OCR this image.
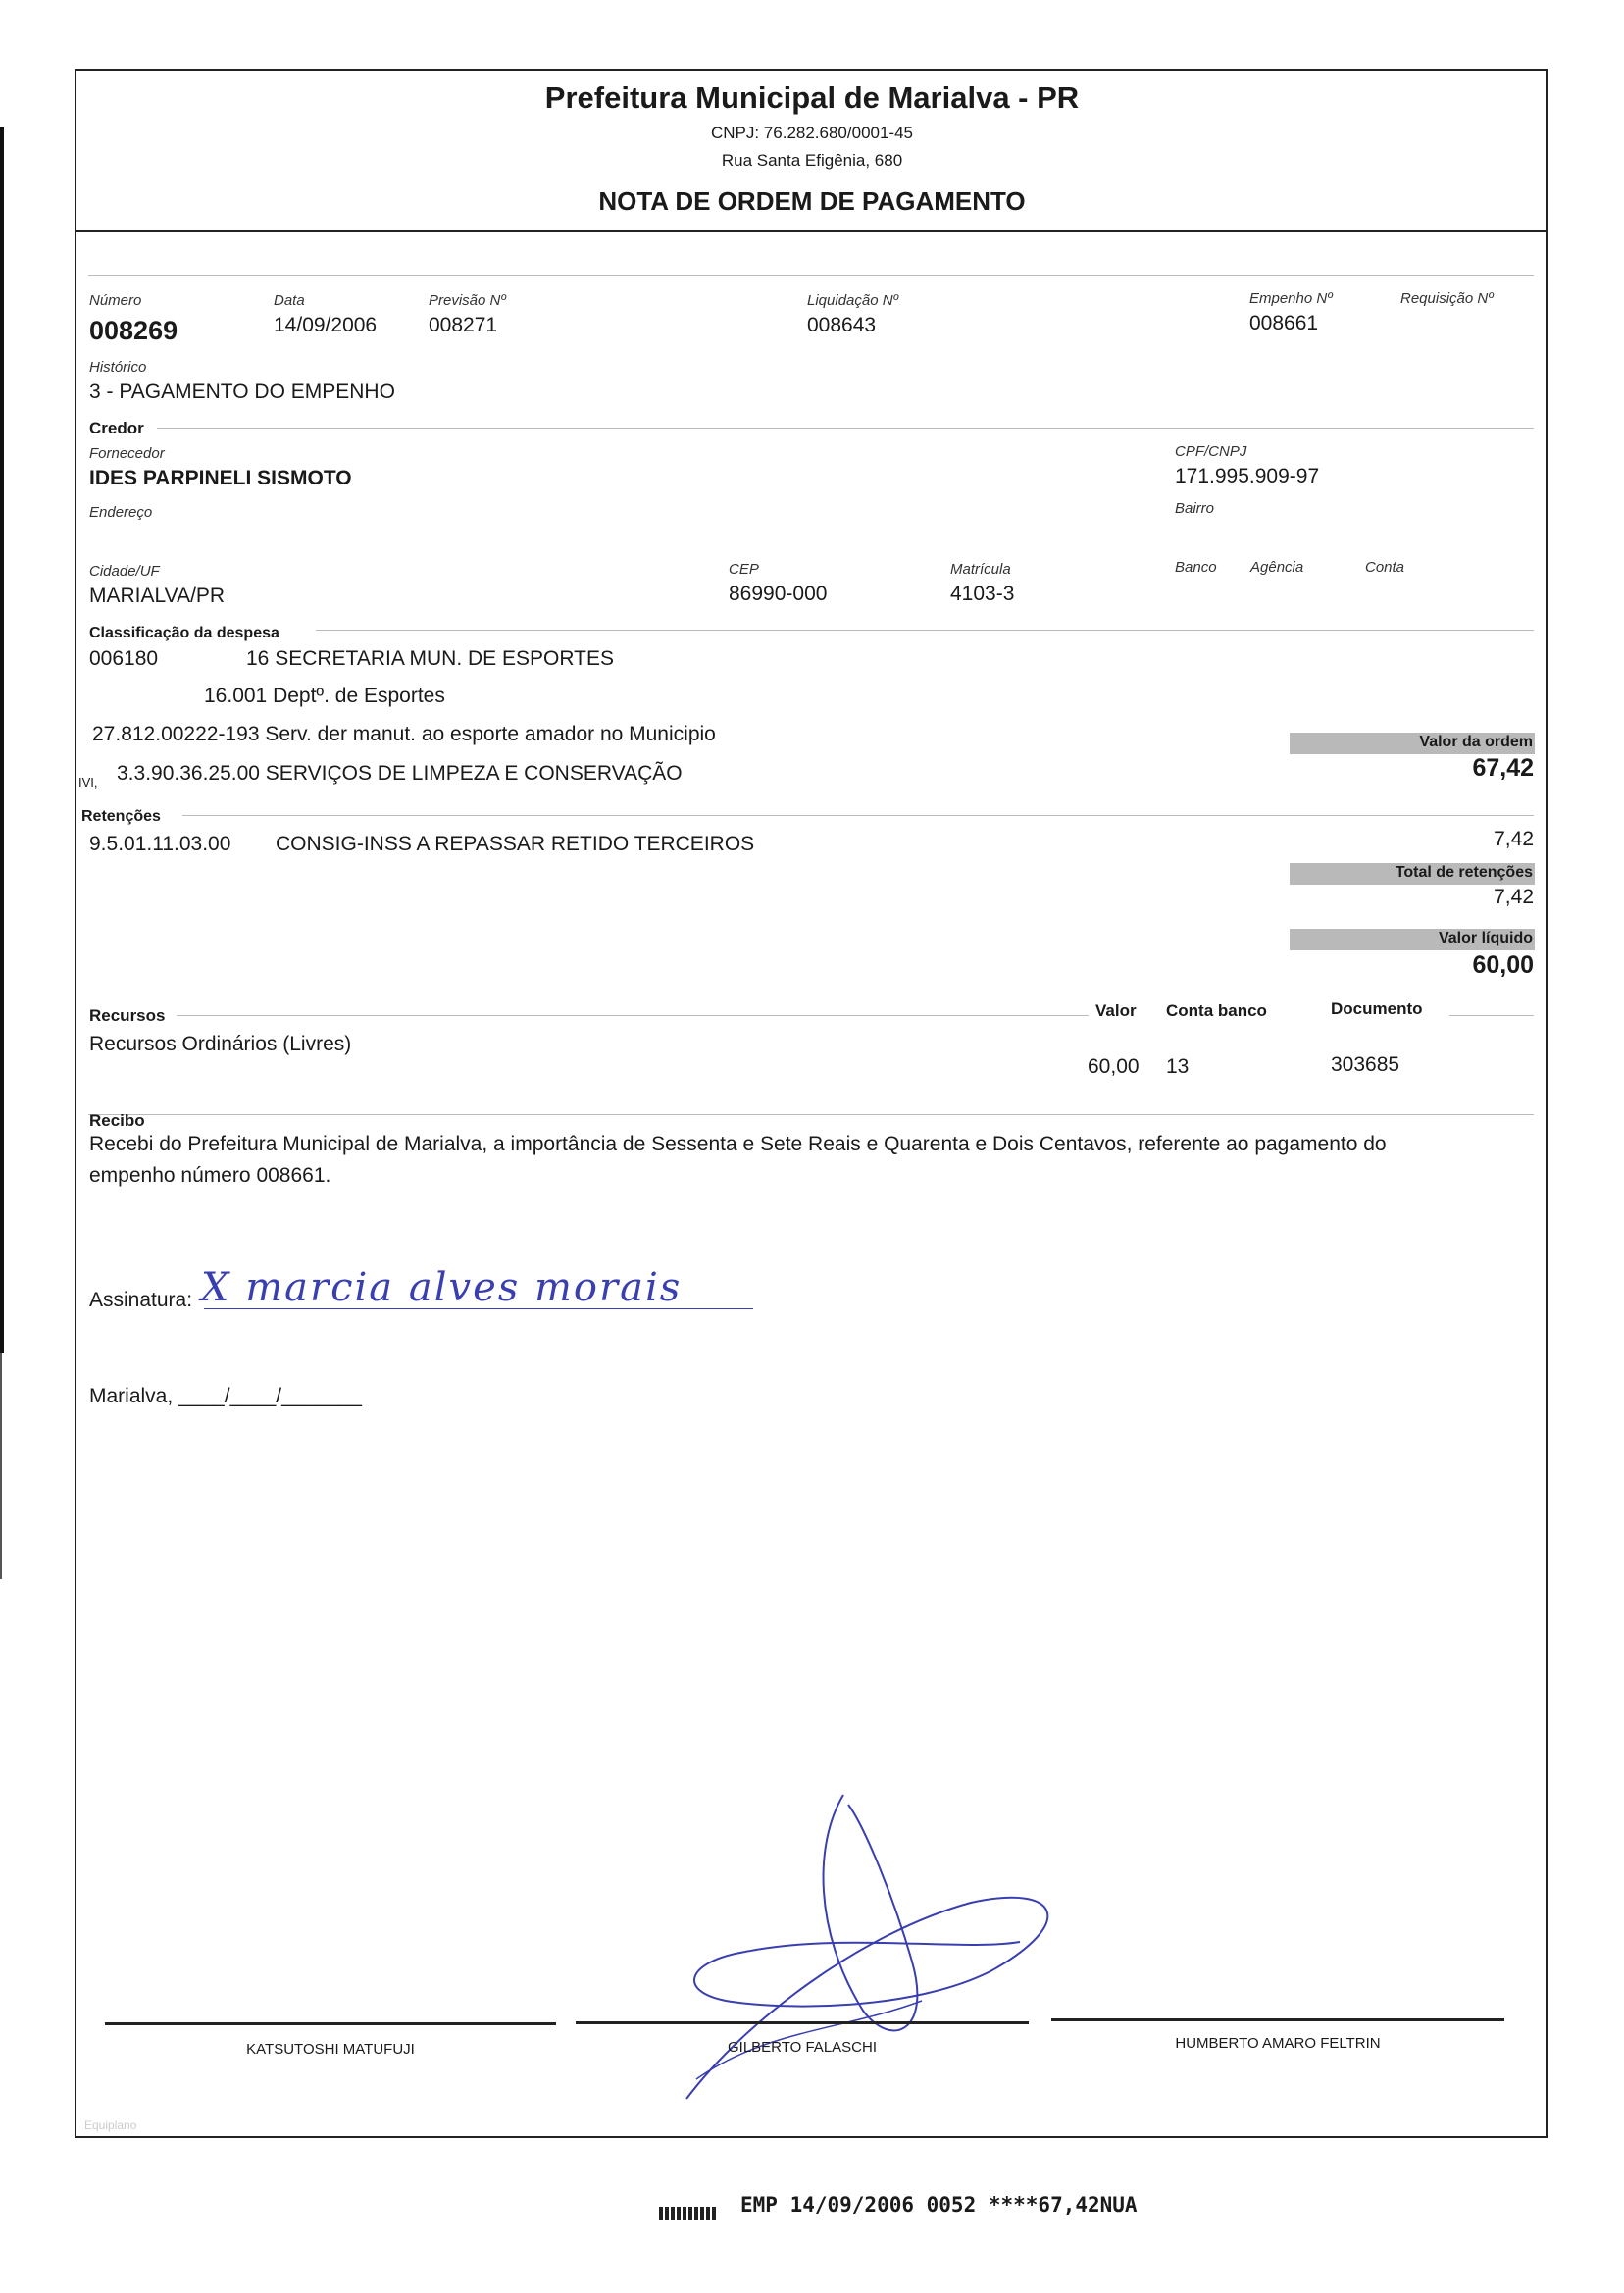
Prefeitura Municipal de Marialva - PR
CNPJ: 76.282.680/0001-45
Rua Santa Efigênia, 680
NOTA DE ORDEM DE PAGAMENTO
Número
008269
Data
14/09/2006
Previsão Nº
008271
Liquidação Nº
008643
Empenho Nº
008661
Requisição Nº
Histórico
3 - PAGAMENTO DO EMPENHO
Credor
Fornecedor
IDES PARPINELI SISMOTO
CPF/CNPJ
171.995.909-97
Endereço	Bairro
Cidade/UF
MARIALVA/PR
CEP
86990-000
Matrícula
4103-3
Banco Agência	Conta
Classificação da despesa
006180	16 SECRETARIA MUN. DE ESPORTES
16.001 Deptº. de Esportes
27.812.00222-193 Serv. der manut. ao esporte amador no Municipio
IVI, 3.3.90.36.25.00 SERVIÇOS DE LIMPEZA E CONSERVAÇÃO
Valor da ordem
67,42
Retenções
9.5.01.11.03.00 CONSIG-INSS A REPASSAR RETIDO TERCEIROS	7,42
Total de retenções
7,42
Valor líquido
60,00
Recursos	Valor Conta banco	Documento
Recursos Ordinários (Livres)
60,00 13	303685
Recibo
Recebi do Prefeitura Municipal de Marialva, a importância de Sessenta e Sete Reais e Quarenta e Dois Centavos, referente ao pagamento do
empenho número 008661.
Assinatura: X marcia alves morais
Marialva, ____/____/_______
KATSUTOSHI MATUFUJI	GILBERTO FALASCHI	HUMBERTO AMARO FELTRIN
Equiplano
EMP 14/09/2006 0052 ****67,42NUA
